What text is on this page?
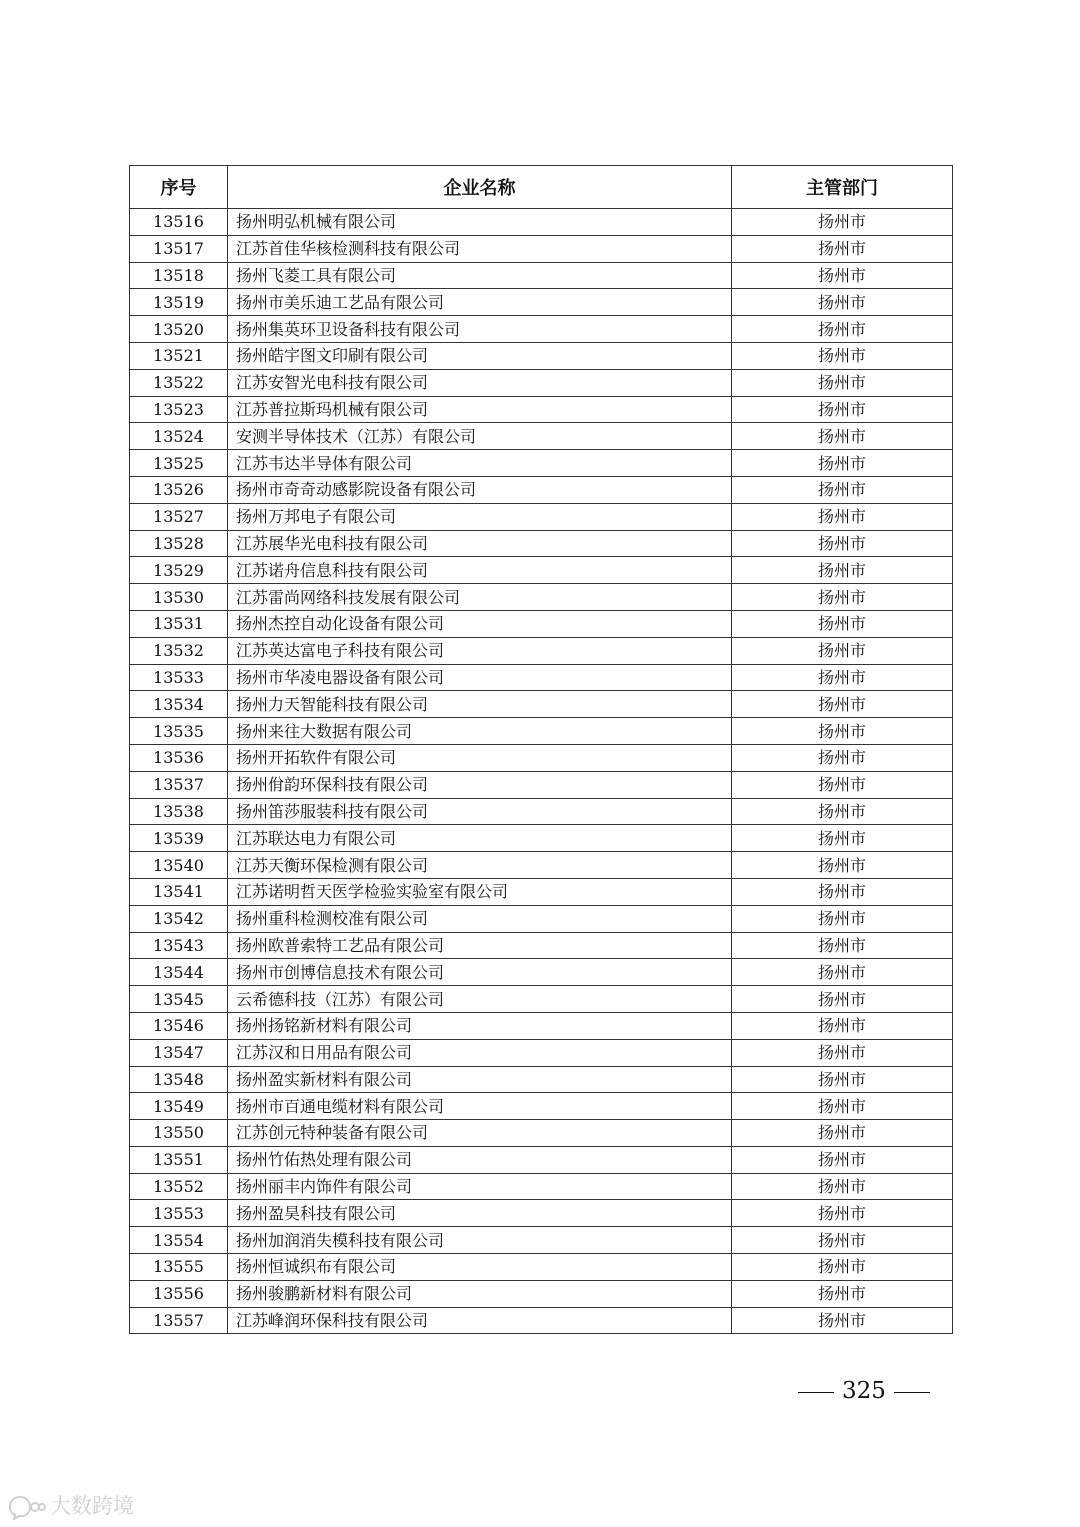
序号	企业名称	主管部门
13516	扬州明弘机械有限公司	扬州市
13517	江苏首佳华核检测科技有限公司	扬州市
13518	扬州飞菱工具有限公司	扬州市
13519	扬州市美乐迪工艺品有限公司	扬州市
13520	扬州集英环卫设备科技有限公司	扬州市
13521	扬州皓宇图文印刷有限公司	扬州市
13522	江苏安智光电科技有限公司	扬州市
13523	江苏普拉斯玛机械有限公司	扬州市
13524	安测半导体技术（江苏）有限公司	扬州市
13525	江苏韦达半导体有限公司	扬州市
13526	扬州市奇奇动感影院设备有限公司	扬州市
13527	扬州万邦电子有限公司	扬州市
13528	江苏展华光电科技有限公司	扬州市
13529	江苏诺舟信息科技有限公司	扬州市
13530	江苏雷尚网络科技发展有限公司	扬州市
13531	扬州杰控自动化设备有限公司	扬州市
13532	江苏英达富电子科技有限公司	扬州市
13533	扬州市华凌电器设备有限公司	扬州市
13534	扬州力天智能科技有限公司	扬州市
13535	扬州来往大数据有限公司	扬州市
13536	扬州开拓软件有限公司	扬州市
13537	扬州佾韵环保科技有限公司	扬州市
13538	扬州笛莎服装科技有限公司	扬州市
13539	江苏联达电力有限公司	扬州市
13540	江苏天衡环保检测有限公司	扬州市
13541	江苏诺明哲天医学检验实验室有限公司	扬州市
13542	扬州重科检测校准有限公司	扬州市
13543	扬州欧普索特工艺品有限公司	扬州市
13544	扬州市创博信息技术有限公司	扬州市
13545	云希德科技（江苏）有限公司	扬州市
13546	扬州扬铭新材料有限公司	扬州市
13547	江苏汉和日用品有限公司	扬州市
13548	扬州盈实新材料有限公司	扬州市
13549	扬州市百通电缆材料有限公司	扬州市
13550	江苏创元特种装备有限公司	扬州市
13551	扬州竹佑热处理有限公司	扬州市
13552	扬州丽丰内饰件有限公司	扬州市
13553	扬州盈昊科技有限公司	扬州市
13554	扬州加润消失模科技有限公司	扬州市
13555	扬州恒诚织布有限公司	扬州市
13556	扬州骏鹏新材料有限公司	扬州市
13557	江苏峰润环保科技有限公司	扬州市
325
大数跨境
